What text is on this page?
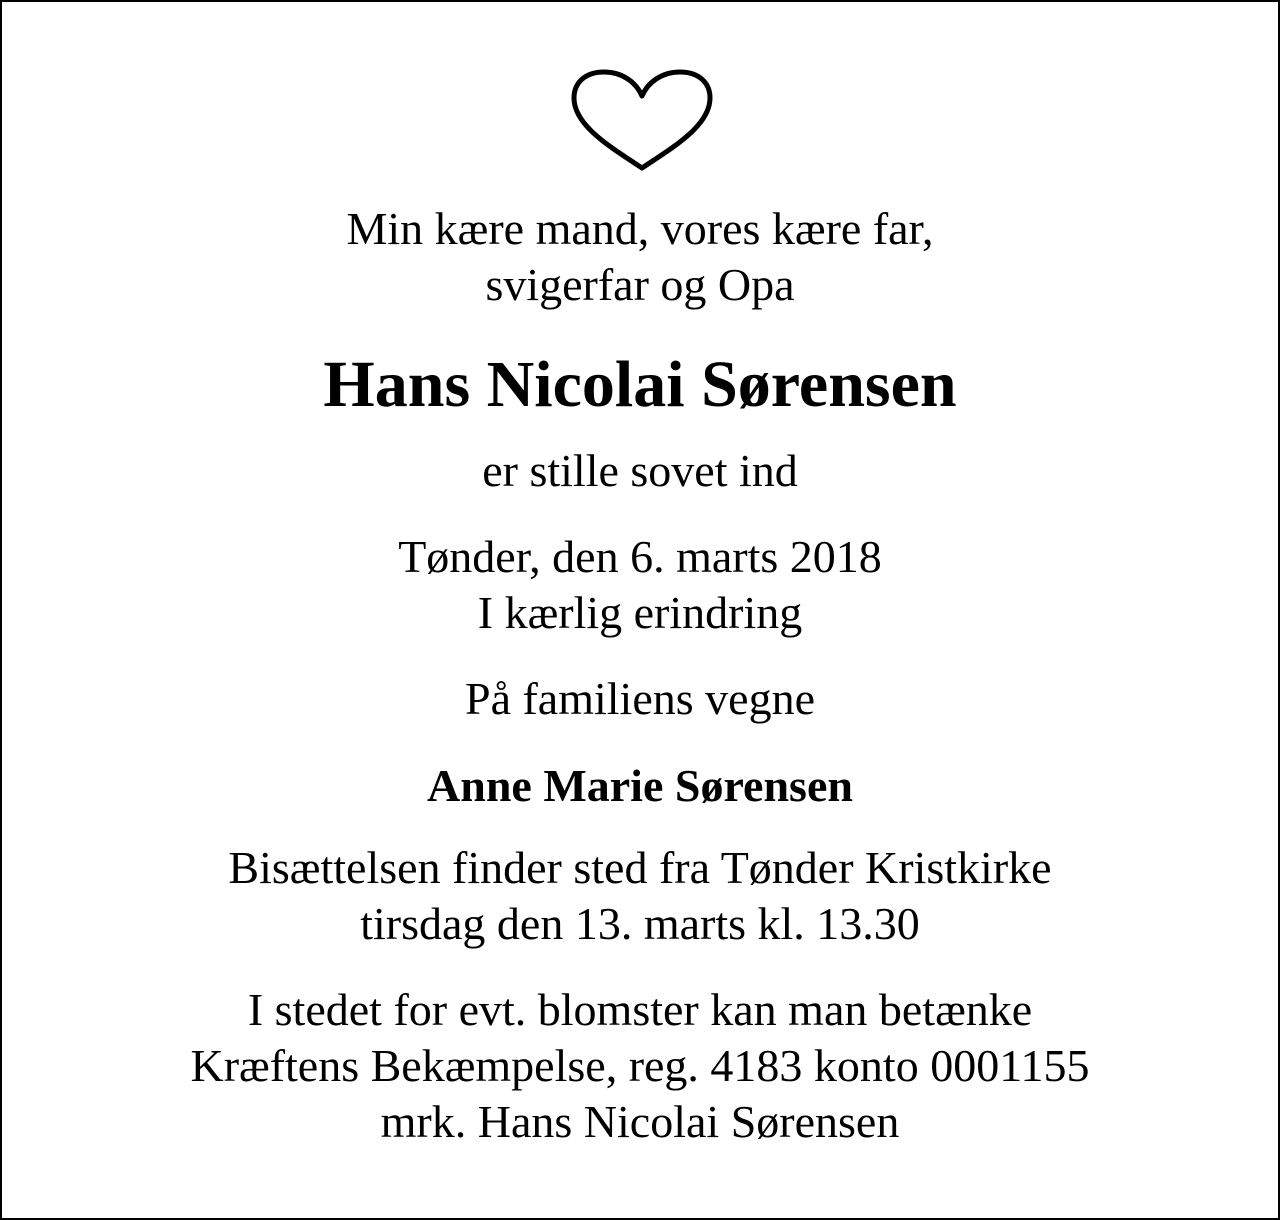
Min kære mand, vores kære far,

svigerfar og Opa

Hans Nicolai Sørensen

er stille sovet ind

Tønder, den 6. marts 2018

I kærlig erindring

På familiens vegne

Anne Marie Sørensen

Bisættelsen finder sted fra Tønder Kristkirke

tirsdag den 13. marts kl. 13.30

I stedet for evt. blomster kan man betænke

Kræftens Bekæmpelse, reg. 4183 konto 0001155

mrk. Hans Nicolai Sørensen
